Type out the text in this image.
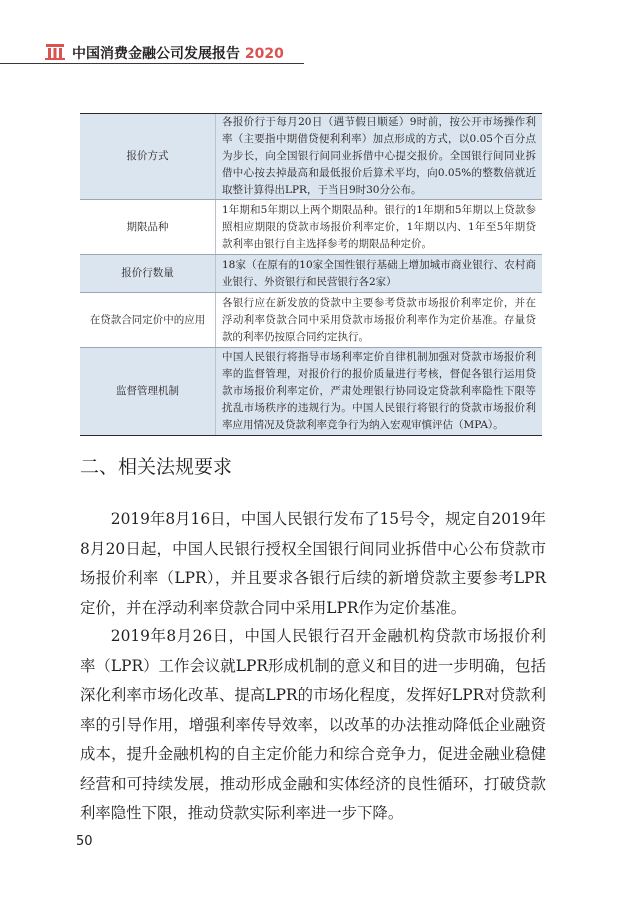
中国消费金融公司发展报告 2020
报价方式	各报价行于每月20日（遇节假日顺延）9时前，按公开市场操作利率（主要指中期借贷便利利率）加点形成的方式，以0.05个百分点为步长，向全国银行间同业拆借中心提交报价。全国银行间同业拆借中心按去掉最高和最低报价后算术平均，向0.05%的整数倍就近取整计算得出LPR，于当日9时30分公布。
期限品种	1年期和5年期以上两个期限品种。银行的1年期和5年期以上贷款参照相应期限的贷款市场报价利率定价，1年期以内、1年至5年期贷款利率由银行自主选择参考的期限品种定价。
报价行数量	18家（在原有的10家全国性银行基础上增加城市商业银行、农村商业银行、外资银行和民营银行各2家）
在贷款合同定价中的应用	各银行应在新发放的贷款中主要参考贷款市场报价利率定价，并在浮动利率贷款合同中采用贷款市场报价利率作为定价基准。存量贷款的利率仍按原合同约定执行。
监督管理机制	中国人民银行将指导市场利率定价自律机制加强对贷款市场报价利率的监督管理，对报价行的报价质量进行考核，督促各银行运用贷款市场报价利率定价，严肃处理银行协同设定贷款利率隐性下限等扰乱市场秩序的违规行为。中国人民银行将银行的贷款市场报价利率应用情况及贷款利率竞争行为纳入宏观审慎评估（MPA）。
二、相关法规要求

2019年8月16日，中国人民银行发布了15号令，规定自2019年8月20日起，中国人民银行授权全国银行间同业拆借中心公布贷款市场报价利率（LPR），并且要求各银行后续的新增贷款主要参考LPR定价，并在浮动利率贷款合同中采用LPR作为定价基准。

2019年8月26日，中国人民银行召开金融机构贷款市场报价利率（LPR）工作会议就LPR形成机制的意义和目的进一步明确，包括深化利率市场化改革、提高LPR的市场化程度，发挥好LPR对贷款利率的引导作用，增强利率传导效率，以改革的办法推动降低企业融资成本，提升金融机构的自主定价能力和综合竞争力，促进金融业稳健经营和可持续发展，推动形成金融和实体经济的良性循环，打破贷款利率隐性下限，推动贷款实际利率进一步下降。

50
